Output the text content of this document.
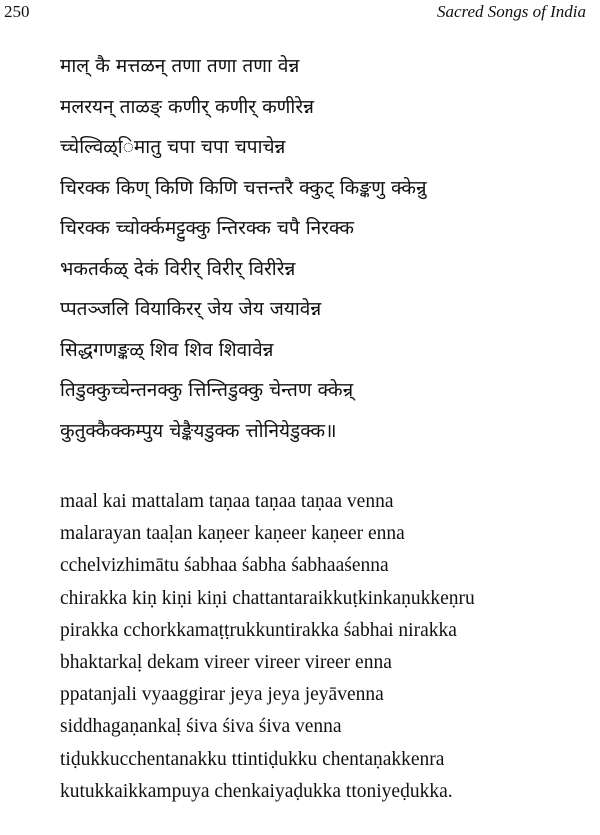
250	Sacred Songs of India
माल् कै मत्तळन् तणा तणा तणा वेन्न
मलरयन् ताळङ् कणीर् कणीर् कणीरेन्न
च्चेल्विळ्िमातु चपा चपा चपाचेन्न
चिरक्क किण् किणि किणि चत्तन्तरै क्कुट् किङ्कणु क्केन्रु
चिरक्क च्चोर्क्कमट्टुक्कु न्तिरक्क चपै निरक्क
भकतर्कळ् देकं विरीर् विरीर् विरीरेन्न
प्पतञ्जलि वियाकिरर् जेय जेय जयावेन्न
सिद्धगणङ्कळ् शिव शिव शिवावेन्न
तिडुक्कुच्चेन्तनक्कु त्तिन्तिडुक्कु चेन्तण क्केन्र्
कुतुक्कैक्कम्पुय चेङ्कैयडुक्क त्तोनियेडुक्क॥
maal kai mattalam taṇaa taṇaa taṇaa venna
malarayan taaḷan kaṇeer kaṇeer kaṇeer enna
cchelvizhimātu śabhaa śabha śabhaaśenna
chirakka kiṇ kiṇi kiṇi chattantaraikkuṭkinkaṇukkeṇru
pirakka cchorkkamaṭṭrukkuntirakka śabhai nirakka
bhaktarkaḷ dekam vireer vireer vireer enna
ppatanjali vyaaggirar jeya jeya jeyāvenna
siddhagaṇankaḷ śiva śiva śiva venna
tiḍukkucchentanakku ttintiḍukku chentaṇakkenra
kutukkaikkampuya chenkaiyaḍukka ttoniyeḍukka.
